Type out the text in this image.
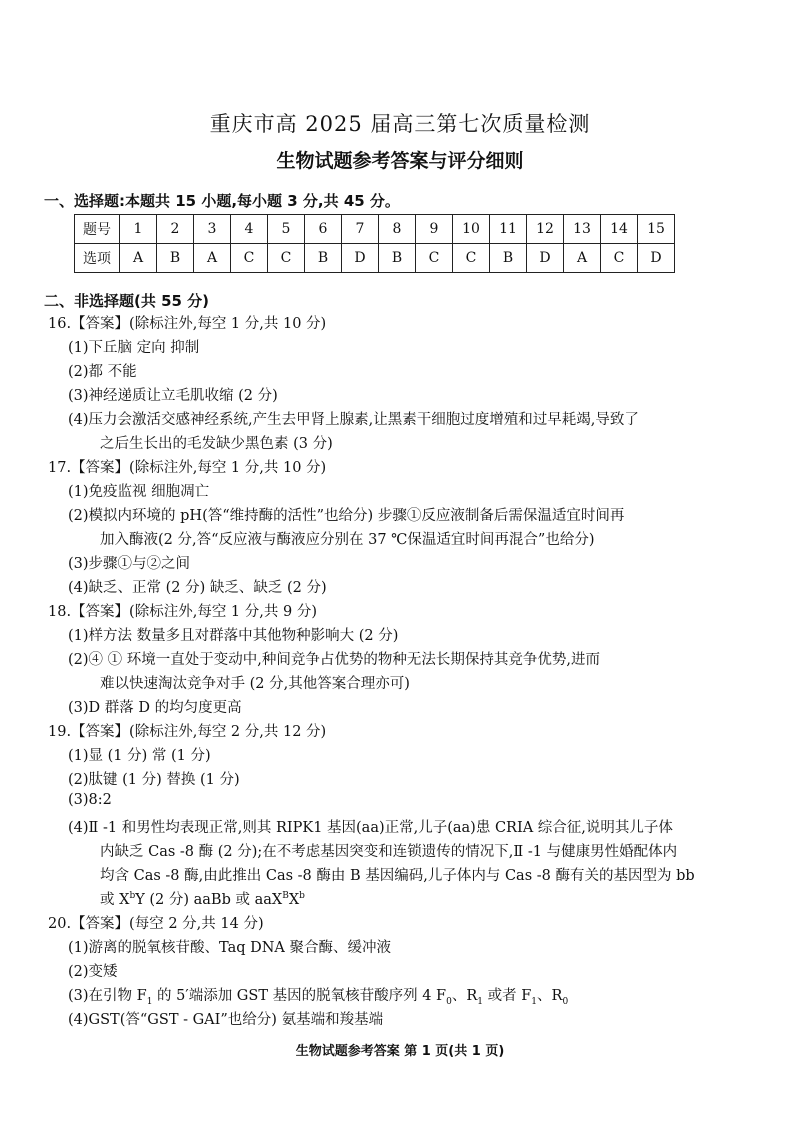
重庆市高 2025 届高三第七次质量检测
生物试题参考答案与评分细则
一、选择题:本题共 15 小题,每小题 3 分,共 45 分。
题号	1	2	3	4	5	6	7	8	9	10	11	12	13	14	15
选项	A	B	A	C	C	B	D	B	C	C	B	D	A	C	D
二、非选择题(共 55 分)
16.【答案】(除标注外,每空 1 分,共 10 分)
(1)下丘脑 定向 抑制
(2)都 不能
(3)神经递质让立毛肌收缩 (2 分)
(4)压力会激活交感神经系统,产生去甲肾上腺素,让黑素干细胞过度增殖和过早耗竭,导致了
之后生长出的毛发缺少黑色素 (3 分)
17.【答案】(除标注外,每空 1 分,共 10 分)
(1)免疫监视 细胞凋亡
(2)模拟内环境的 pH(答“维持酶的活性”也给分) 步骤①反应液制备后需保温适宜时间再
加入酶液(2 分,答“反应液与酶液应分别在 37 ℃保温适宜时间再混合”也给分)
(3)步骤①与②之间
(4)缺乏、正常 (2 分) 缺乏、缺乏 (2 分)
18.【答案】(除标注外,每空 1 分,共 9 分)
(1)样方法 数量多且对群落中其他物种影响大 (2 分)
(2)④ ① 环境一直处于变动中,种间竞争占优势的物种无法长期保持其竞争优势,进而
难以快速淘汰竞争对手 (2 分,其他答案合理亦可)
(3)D 群落 D 的均匀度更高
19.【答案】(除标注外,每空 2 分,共 12 分)
(1)显 (1 分) 常 (1 分)
(2)肽键 (1 分) 替换 (1 分)
(3)8:2
(4)Ⅱ -1 和男性均表现正常,则其 RIPK1 基因(aa)正常,儿子(aa)患 CRIA 综合征,说明其儿子体
内缺乏 Cas -8 酶 (2 分);在不考虑基因突变和连锁遗传的情况下,Ⅱ -1 与健康男性婚配体内
均含 Cas -8 酶,由此推出 Cas -8 酶由 B 基因编码,儿子体内与 Cas -8 酶有关的基因型为 bb
或 $X^bY$ (2 分) aaBb 或 $aaX^BX^b$
20.【答案】(每空 2 分,共 14 分)
(1)游离的脱氧核苷酸、Taq DNA 聚合酶、缓冲液
(2)变矮
(3)在引物 $F_1$ 的 5′端添加 GST 基因的脱氧核苷酸序列 4 $F_0$、$R_1$ 或者 $F_1$、$R_0$
(4)GST(答“GST - GAI”也给分) 氨基端和羧基端
生物试题参考答案 第 1 页(共 1 页)
